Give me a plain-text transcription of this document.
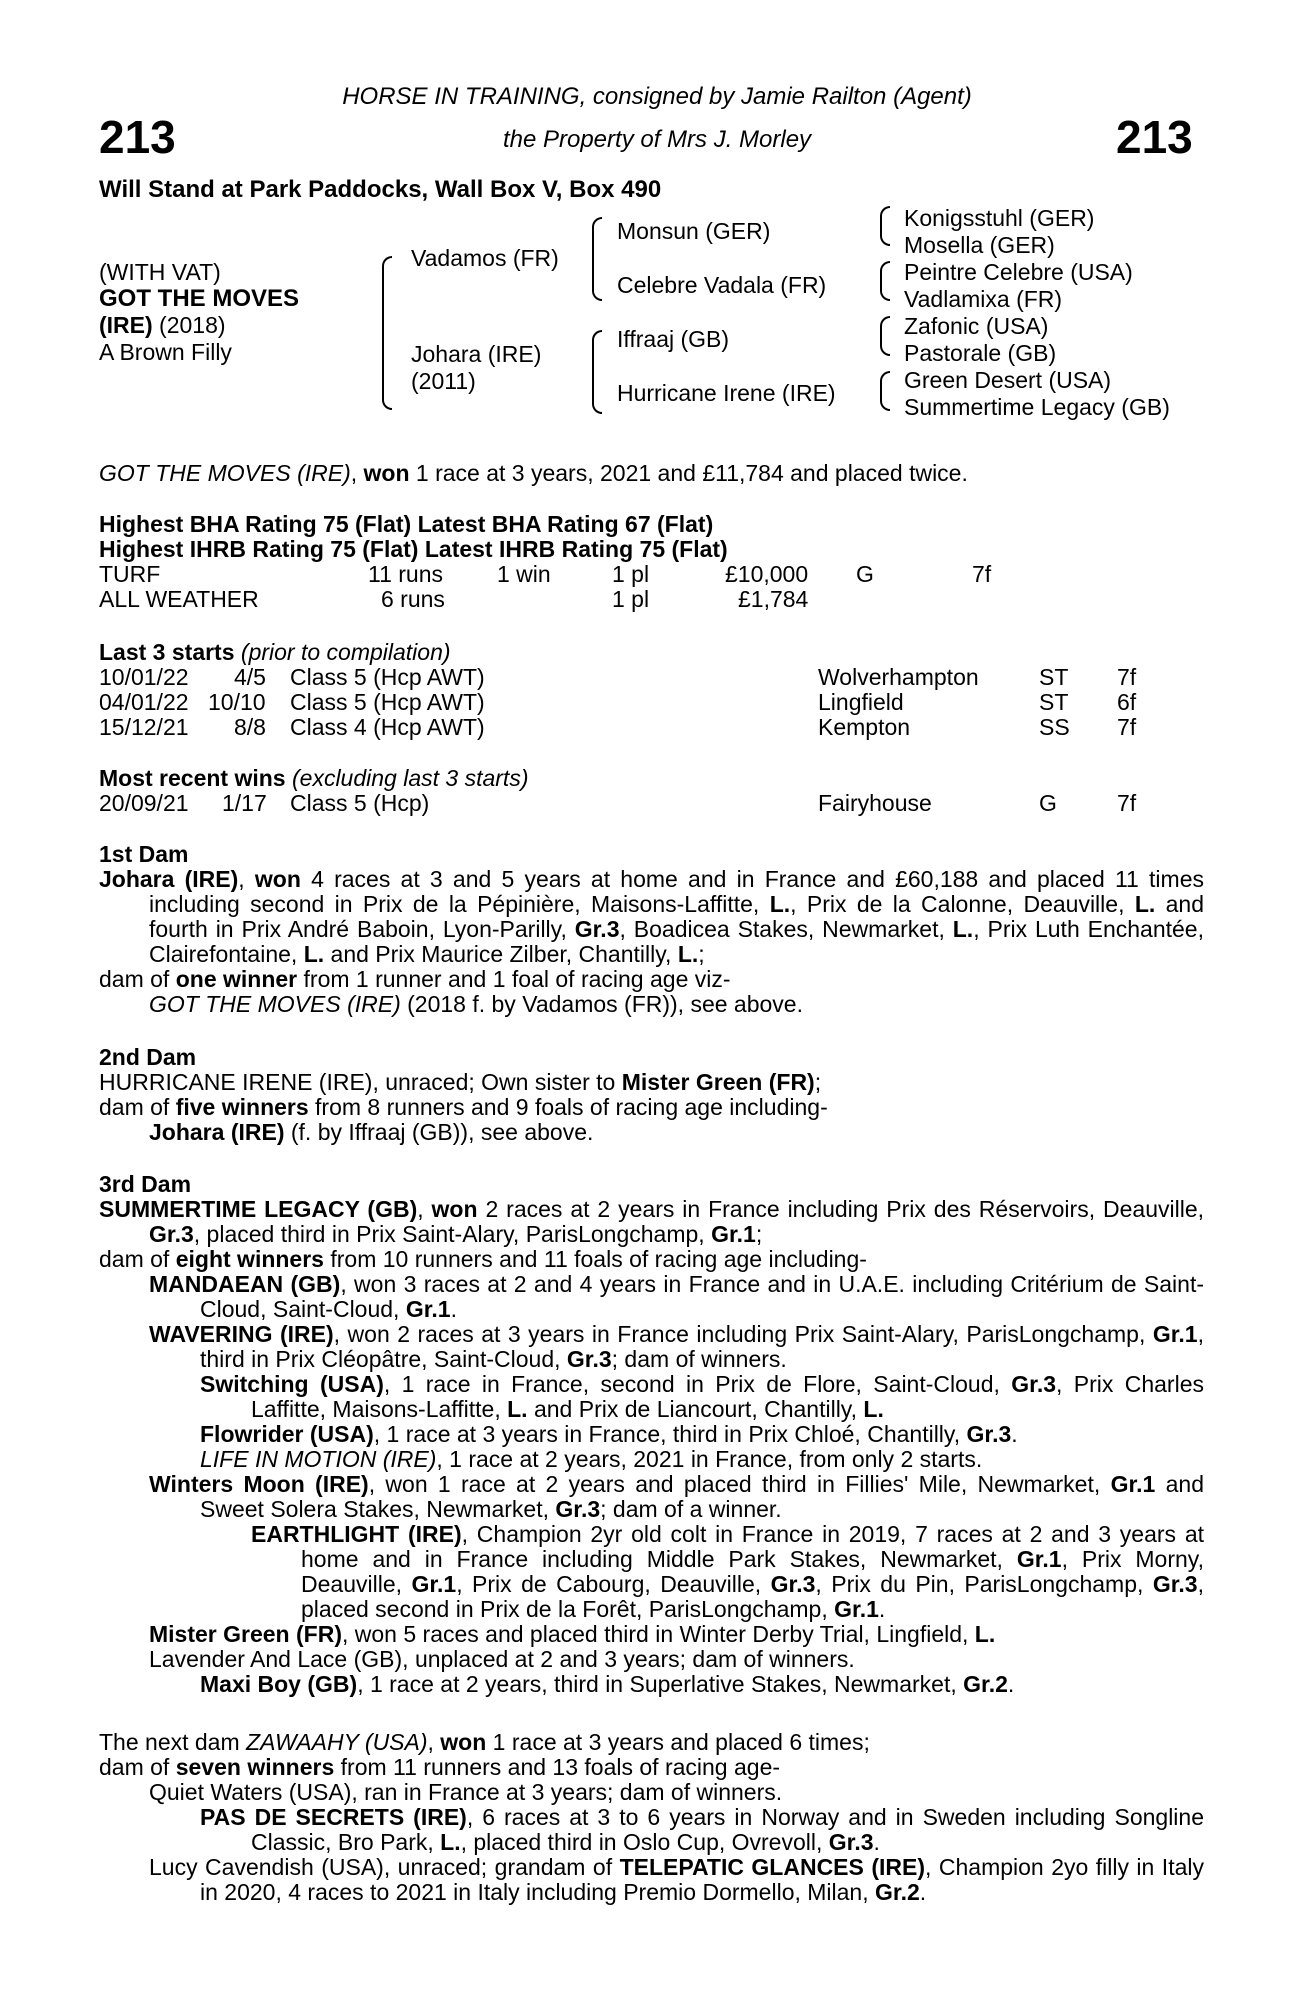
HORSE IN TRAINING, consigned by Jamie Railton (Agent)
the Property of Mrs J. Morley
213	213
Will Stand at Park Paddocks, Wall Box V, Box 490
(WITH VAT)
GOT THE MOVES
(IRE) (2018)
A Brown Filly
Vadamos (FR)
Johara (IRE)
(2011)
Monsun (GER)
Celebre Vadala (FR)
Iffraaj (GB)
Hurricane Irene (IRE)
Konigsstuhl (GER)
Mosella (GER)
Peintre Celebre (USA)
Vadlamixa (FR)
Zafonic (USA)
Pastorale (GB)
Green Desert (USA)
Summertime Legacy (GB)
GOT THE MOVES (IRE), won 1 race at 3 years, 2021 and £11,784 and placed twice.
Highest BHA Rating 75 (Flat) Latest BHA Rating 67 (Flat)
Highest IHRB Rating 75 (Flat) Latest IHRB Rating 75 (Flat)
TURF	11 runs 1 win	1 pl	£10,000 G	7f
ALL WEATHER	6 runs	1 pl	£1,784
Last 3 starts (prior to compilation)
10/01/22 4/5 Class 5 (Hcp AWT)	Wolverhampton	ST 7f
04/01/22 10/10 Class 5 (Hcp AWT)	Lingfield	ST 6f
15/12/21 8/8 Class 4 (Hcp AWT)	Kempton	SS 7f
Most recent wins (excluding last 3 starts)
20/09/21 1/17 Class 5 (Hcp)	Fairyhouse	G	7f

1st Dam

Johara (IRE), won 4 races at 3 and 5 years at home and in France and £60,188 and placed 11 times including second in Prix de la Pépinière, Maisons-Laffitte, L., Prix de la Calonne, Deauville, L. and fourth in Prix André Baboin, Lyon-Parilly, Gr.3, Boadicea Stakes, Newmarket, L., Prix Luth Enchantée, Clairefontaine, L. and Prix Maurice Zilber, Chantilly, L.;

dam of one winner from 1 runner and 1 foal of racing age viz-

GOT THE MOVES (IRE) (2018 f. by Vadamos (FR)), see above.

2nd Dam

HURRICANE IRENE (IRE), unraced; Own sister to Mister Green (FR);

dam of five winners from 8 runners and 9 foals of racing age including-

Johara (IRE) (f. by Iffraaj (GB)), see above.

3rd Dam

SUMMERTIME LEGACY (GB), won 2 races at 2 years in France including Prix des Réservoirs, Deauville, Gr.3, placed third in Prix Saint-Alary, ParisLongchamp, Gr.1;

dam of eight winners from 10 runners and 11 foals of racing age including-

MANDAEAN (GB), won 3 races at 2 and 4 years in France and in U.A.E. including Critérium de Saint-Cloud, Saint-Cloud, Gr.1.

WAVERING (IRE), won 2 races at 3 years in France including Prix Saint-Alary, ParisLongchamp, Gr.1, third in Prix Cléopâtre, Saint-Cloud, Gr.3; dam of winners.

Switching (USA), 1 race in France, second in Prix de Flore, Saint-Cloud, Gr.3, Prix Charles Laffitte, Maisons-Laffitte, L. and Prix de Liancourt, Chantilly, L.

Flowrider (USA), 1 race at 3 years in France, third in Prix Chloé, Chantilly, Gr.3.

LIFE IN MOTION (IRE), 1 race at 2 years, 2021 in France, from only 2 starts.

Winters Moon (IRE), won 1 race at 2 years and placed third in Fillies' Mile, Newmarket, Gr.1 and Sweet Solera Stakes, Newmarket, Gr.3; dam of a winner.

EARTHLIGHT (IRE), Champion 2yr old colt in France in 2019, 7 races at 2 and 3 years at home and in France including Middle Park Stakes, Newmarket, Gr.1, Prix Morny, Deauville, Gr.1, Prix de Cabourg, Deauville, Gr.3, Prix du Pin, ParisLongchamp, Gr.3, placed second in Prix de la Forêt, ParisLongchamp, Gr.1.

Mister Green (FR), won 5 races and placed third in Winter Derby Trial, Lingfield, L.

Lavender And Lace (GB), unplaced at 2 and 3 years; dam of winners.

Maxi Boy (GB), 1 race at 2 years, third in Superlative Stakes, Newmarket, Gr.2.

The next dam ZAWAAHY (USA), won 1 race at 3 years and placed 6 times;

dam of seven winners from 11 runners and 13 foals of racing age-

Quiet Waters (USA), ran in France at 3 years; dam of winners.

PAS DE SECRETS (IRE), 6 races at 3 to 6 years in Norway and in Sweden including Songline Classic, Bro Park, L., placed third in Oslo Cup, Ovrevoll, Gr.3.

Lucy Cavendish (USA), unraced; grandam of TELEPATIC GLANCES (IRE), Champion 2yo filly in Italy in 2020, 4 races to 2021 in Italy including Premio Dormello, Milan, Gr.2.
